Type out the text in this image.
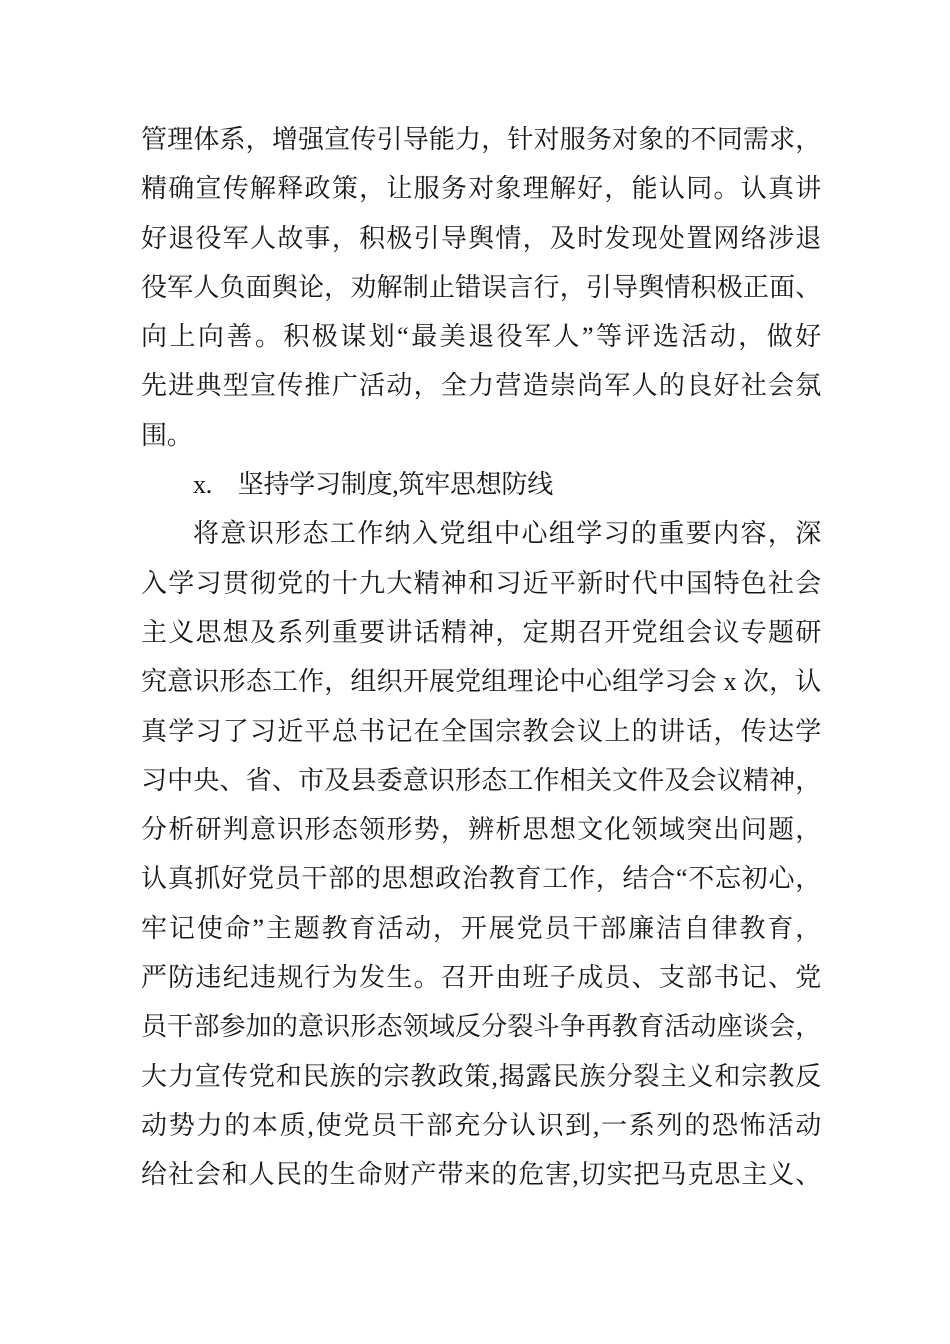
管理体系，增强宣传引导能力，针对服务对象的不同需求，
精确宣传解释政策，让服务对象理解好，能认同。认真讲
好退役军人故事，积极引导舆情，及时发现处置网络涉退
役军人负面舆论，劝解制止错误言行，引导舆情积极正面、
向上向善。积极谋划“最美退役军人”等评选活动，做好
先进典型宣传推广活动，全力营造崇尚军人的良好社会氛
围。
x.　坚持学习制度,筑牢思想防线
将意识形态工作纳入党组中心组学习的重要内容，深
入学习贯彻党的十九大精神和习近平新时代中国特色社会
主义思想及系列重要讲话精神，定期召开党组会议专题研
究意识形态工作，组织开展党组理论中心组学习会 x 次，认
真学习了习近平总书记在全国宗教会议上的讲话，传达学
习中央、省、市及县委意识形态工作相关文件及会议精神，
分析研判意识形态领形势，辨析思想文化领域突出问题，
认真抓好党员干部的思想政治教育工作，结合“不忘初心，
牢记使命”主题教育活动，开展党员干部廉洁自律教育，
严防违纪违规行为发生。召开由班子成员、支部书记、党
员干部参加的意识形态领域反分裂斗争再教育活动座谈会，
大力宣传党和民族的宗教政策,揭露民族分裂主义和宗教反
动势力的本质,使党员干部充分认识到,一系列的恐怖活动
给社会和人民的生命财产带来的危害,切实把马克思主义、
